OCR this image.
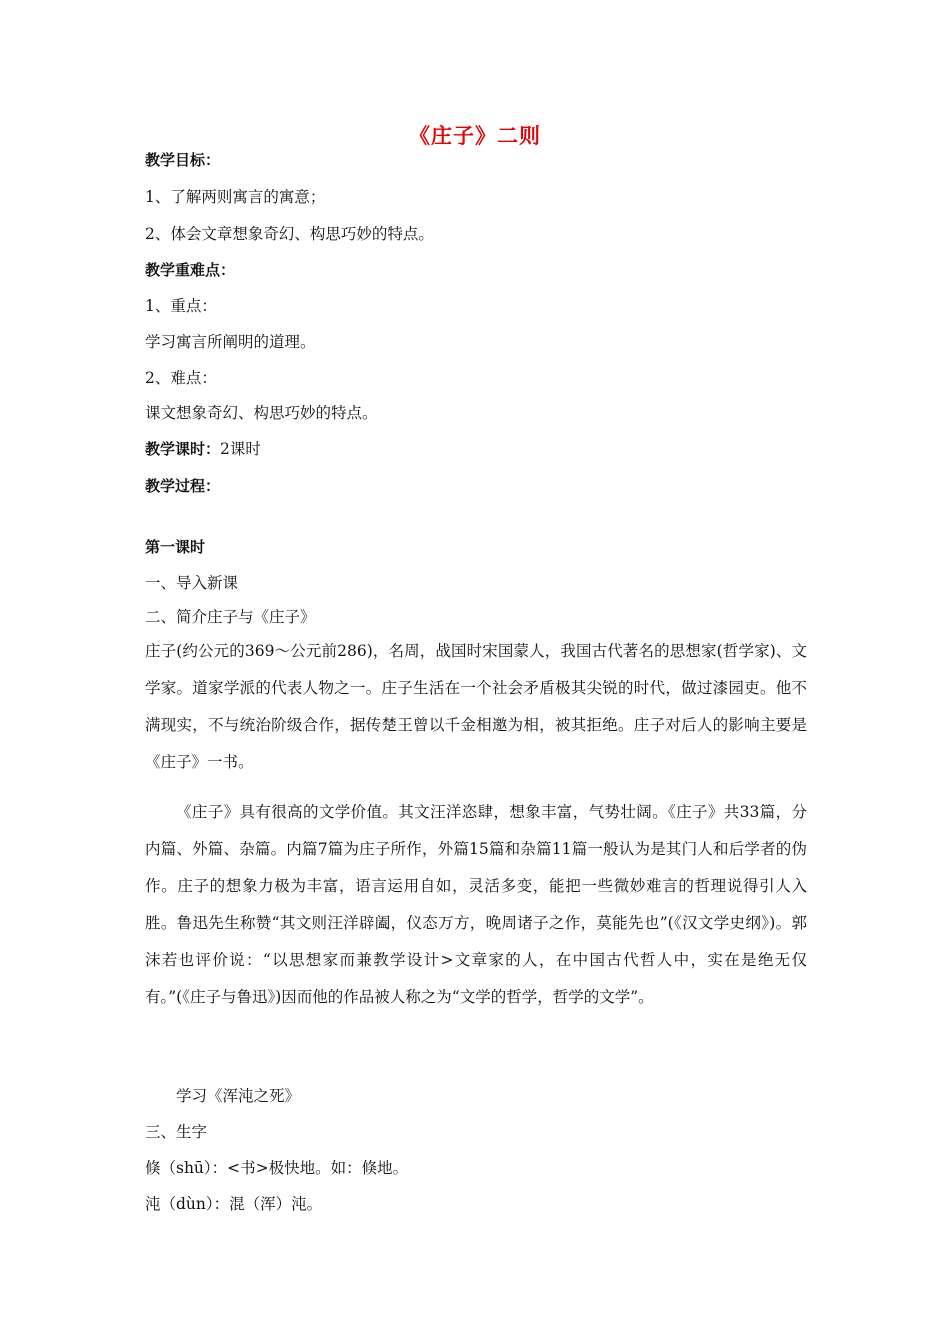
《庄子》二则
教学目标：
1、了解两则寓言的寓意；
2、体会文章想象奇幻、构思巧妙的特点。
教学重难点：
1、重点：
学习寓言所阐明的道理。
2、难点：
课文想象奇幻、构思巧妙的特点。
教学课时：2课时
教学过程：
第一课时
一、导入新课
二、简介庄子与《庄子》
庄子(约公元的369～公元前286)，名周，战国时宋国蒙人，我国古代著名的思想家(哲学家)、文学家。道家学派的代表人物之一。庄子生活在一个社会矛盾极其尖锐的时代，做过漆园吏。他不满现实，不与统治阶级合作，据传楚王曾以千金相邀为相，被其拒绝。庄子对后人的影响主要是《庄子》一书。
《庄子》具有很高的文学价值。其文汪洋恣肆，想象丰富，气势壮阔。《庄子》共33篇，分内篇、外篇、杂篇。内篇7篇为庄子所作，外篇15篇和杂篇11篇一般认为是其门人和后学者的伪作。庄子的想象力极为丰富，语言运用自如，灵活多变，能把一些微妙难言的哲理说得引人入胜。鲁迅先生称赞“其文则汪洋辟阖，仪态万方，晚周诸子之作，莫能先也”(《汉文学史纲》)。郭沫若也评价说：“以思想家而兼教学设计>文章家的人，在中国古代哲人中，实在是绝无仅有。”(《庄子与鲁迅》)因而他的作品被人称之为“文学的哲学，哲学的文学”。
学习《浑沌之死》
三、生字
倏（shū）：<书>极快地。如：倏地。
沌（dùn）：混（浑）沌。
